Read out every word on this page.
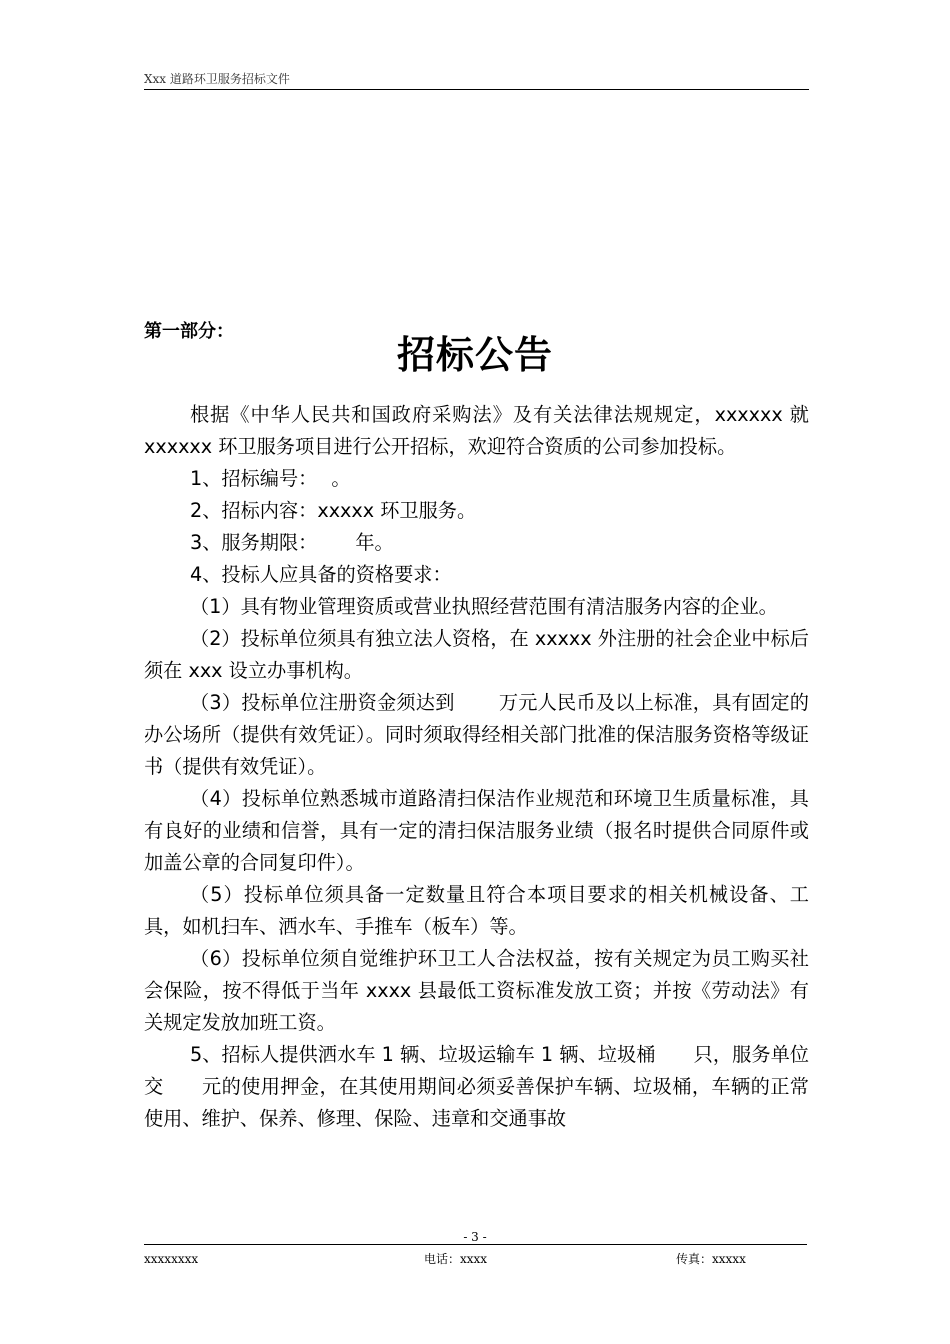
Xxx 道路环卫服务招标文件
第一部分：
招标公告

根据《中华人民共和国政府采购法》及有关法律法规规定，xxxxxx 就 xxxxxx 环卫服务项目进行公开招标，欢迎符合资质的公司参加投标。

1、招标编号： 。

2、招标内容：xxxxx 环卫服务。

3、服务期限： 年。

4、投标人应具备的资格要求：

（1）具有物业管理资质或营业执照经营范围有清洁服务内容的企业。

（2）投标单位须具有独立法人资格，在 xxxxx 外注册的社会企业中标后须在 xxx 设立办事机构。

（3）投标单位注册资金须达到 万元人民币及以上标准，具有固定的办公场所（提供有效凭证）。同时须取得经相关部门批准的保洁服务资格等级证书（提供有效凭证）。

（4）投标单位熟悉城市道路清扫保洁作业规范和环境卫生质量标准，具有良好的业绩和信誉，具有一定的清扫保洁服务业绩（报名时提供合同原件或加盖公章的合同复印件）。

（5）投标单位须具备一定数量且符合本项目要求的相关机械设备、工具，如机扫车、洒水车、手推车（板车）等。

（6）投标单位须自觉维护环卫工人合法权益，按有关规定为员工购买社会保险，按不得低于当年 xxxx 县最低工资标准发放工资；并按《劳动法》有关规定发放加班工资。

5、招标人提供洒水车 1 辆、垃圾运输车 1 辆、垃圾桶 只，服务单位交 元的使用押金，在其使用期间必须妥善保护车辆、垃圾桶，车辆的正常使用、维护、保养、修理、保险、违章和交通事故

- 3 -
xxxxxxxx	电话：xxxx	传真：xxxxx
